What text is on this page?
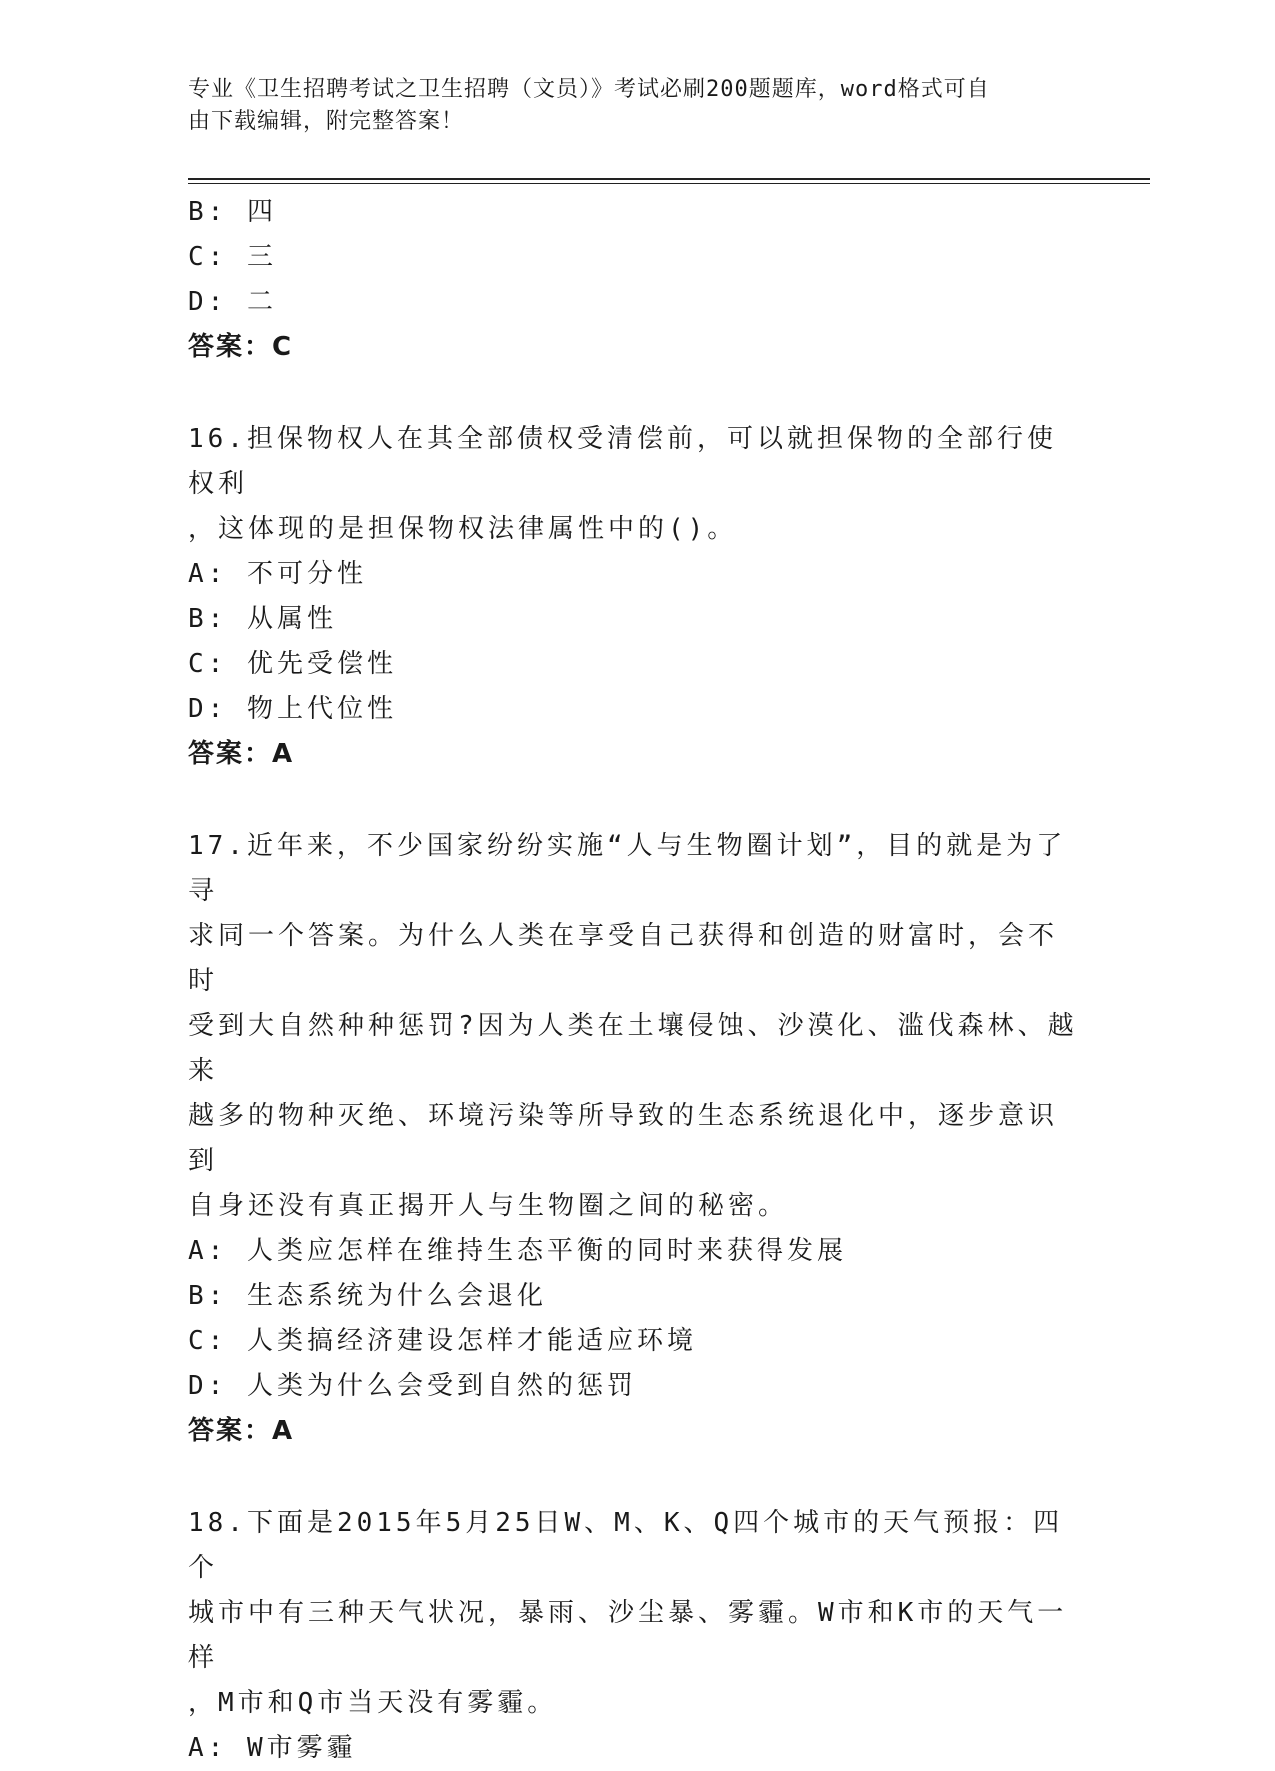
专业《卫生招聘考试之卫生招聘（文员）》考试必刷200题题库，word格式可自
由下载编辑，附完整答案！
B: 四
C: 三
D: 二
答案：C
16.担保物权人在其全部债权受清偿前，可以就担保物的全部行使权利
，这体现的是担保物权法律属性中的()。
A: 不可分性
B: 从属性
C: 优先受偿性
D: 物上代位性
答案：A
17.近年来，不少国家纷纷实施“人与生物圈计划”，目的就是为了寻
求同一个答案。为什么人类在享受自己获得和创造的财富时，会不时
受到大自然种种惩罚?因为人类在土壤侵蚀、沙漠化、滥伐森林、越来
越多的物种灭绝、环境污染等所导致的生态系统退化中，逐步意识到
自身还没有真正揭开人与生物圈之间的秘密。
A: 人类应怎样在维持生态平衡的同时来获得发展
B: 生态系统为什么会退化
C: 人类搞经济建设怎样才能适应环境
D: 人类为什么会受到自然的惩罚
答案：A
18.下面是2015年5月25日W、M、K、Q四个城市的天气预报：四个
城市中有三种天气状况，暴雨、沙尘暴、雾霾。W市和K市的天气一样
，M市和Q市当天没有雾霾。
A: W市雾霾
